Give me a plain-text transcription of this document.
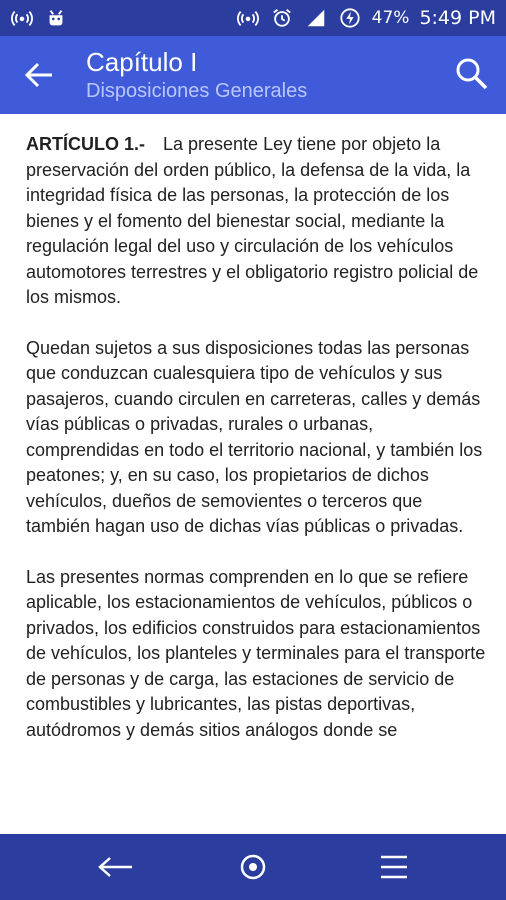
47% 5:49 PM
Capítulo I
Disposiciones Generales

ARTÍCULO 1.- La presente Ley tiene por objeto la preservación del orden público, la defensa de la vida, la integridad física de las personas, la protección de los bienes y el fomento del bienestar social, mediante la regulación legal del uso y circulación de los vehículos automotores terrestres y el obligatorio registro policial de los mismos.

Quedan sujetos a sus disposiciones todas las personas que conduzcan cualesquiera tipo de vehículos y sus pasajeros, cuando circulen en carreteras, calles y demás vías públicas o privadas, rurales o urbanas, comprendidas en todo el territorio nacional, y también los peatones; y, en su caso, los propietarios de dichos vehículos, dueños de semovientes o terceros que también hagan uso de dichas vías públicas o privadas.

Las presentes normas comprenden en lo que se refiere aplicable, los estacionamientos de vehículos, públicos o privados, los edificios construidos para estacionamientos de vehículos, los planteles y terminales para el transporte de personas y de carga, las estaciones de servicio de combustibles y lubricantes, las pistas deportivas, autódromos y demás sitios análogos donde se
